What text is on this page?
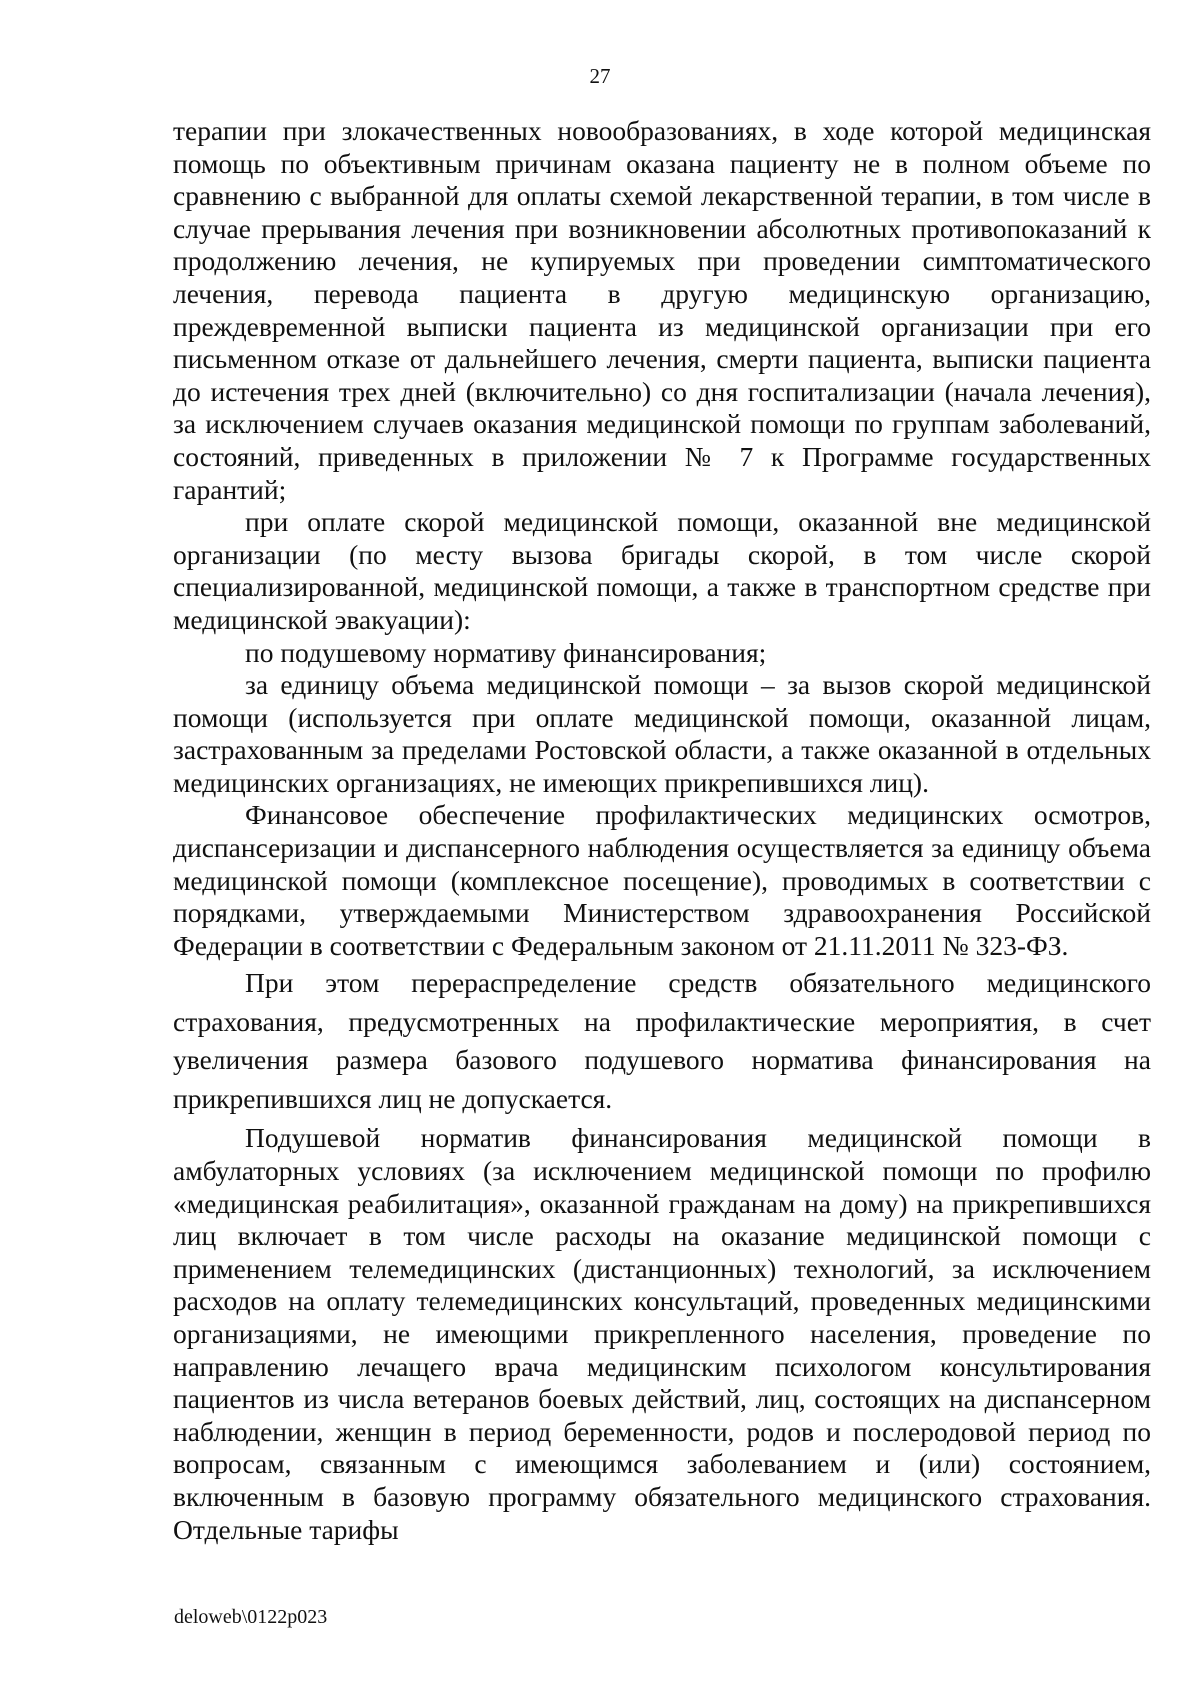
27

терапии при злокачественных новообразованиях, в ходе которой медицинская помощь по объективным причинам оказана пациенту не в полном объеме по сравнению с выбранной для оплаты схемой лекарственной терапии, в том числе в случае прерывания лечения при возникновении абсолютных противопоказаний к продолжению лечения, не купируемых при проведении симптоматического лечения, перевода пациента в другую медицинскую организацию, преждевременной выписки пациента из медицинской организации при его письменном отказе от дальнейшего лечения, смерти пациента, выписки пациента до истечения трех дней (включительно) со дня госпитализации (начала лечения), за исключением случаев оказания медицинской помощи по группам заболеваний, состояний, приведенных в приложении № 7 к Программе государственных гарантий;

при оплате скорой медицинской помощи, оказанной вне медицинской организации (по месту вызова бригады скорой, в том числе скорой специализированной, медицинской помощи, а также в транспортном средстве при медицинской эвакуации):

по подушевому нормативу финансирования;

за единицу объема медицинской помощи – за вызов скорой медицинской помощи (используется при оплате медицинской помощи, оказанной лицам, застрахованным за пределами Ростовской области, а также оказанной в отдельных медицинских организациях, не имеющих прикрепившихся лиц).

Финансовое обеспечение профилактических медицинских осмотров, диспансеризации и диспансерного наблюдения осуществляется за единицу объема медицинской помощи (комплексное посещение), проводимых в соответствии с порядками, утверждаемыми Министерством здравоохранения Российской Федерации в соответствии с Федеральным законом от 21.11.2011 № 323-ФЗ.

При этом перераспределение средств обязательного медицинского страхования, предусмотренных на профилактические мероприятия, в счет увеличения размера базового подушевого норматива финансирования на прикрепившихся лиц не допускается.

Подушевой норматив финансирования медицинской помощи в амбулаторных условиях (за исключением медицинской помощи по профилю «медицинская реабилитация», оказанной гражданам на дому) на прикрепившихся лиц включает в том числе расходы на оказание медицинской помощи с применением телемедицинских (дистанционных) технологий, за исключением расходов на оплату телемедицинских консультаций, проведенных медицинскими организациями, не имеющими прикрепленного населения, проведение по направлению лечащего врача медицинским психологом консультирования пациентов из числа ветеранов боевых действий, лиц, состоящих на диспансерном наблюдении, женщин в период беременности, родов и послеродовой период по вопросам, связанным с имеющимся заболеванием и (или) состоянием, включенным в базовую программу обязательного медицинского страхования. Отдельные тарифы

deloweb\0122p023
